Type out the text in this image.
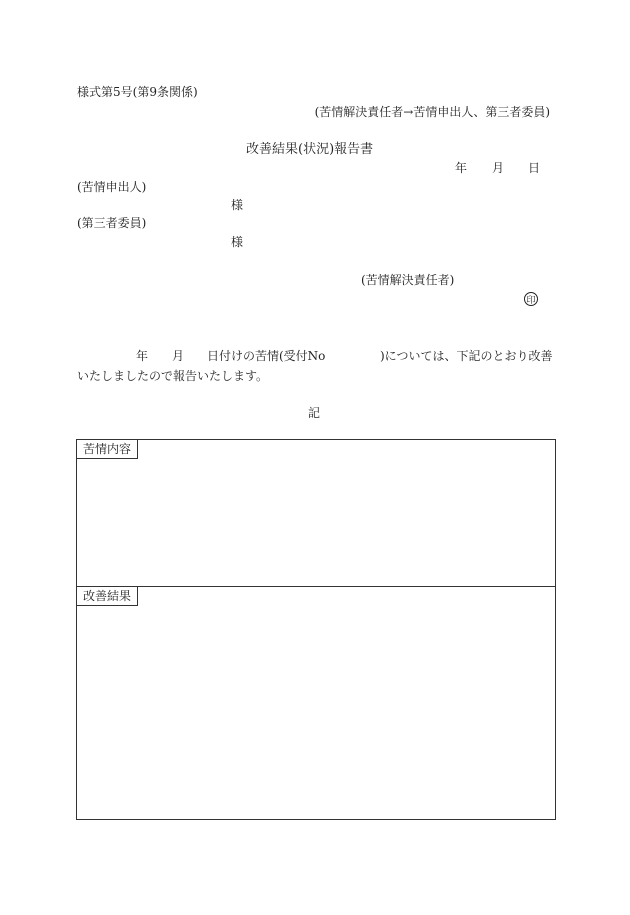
様式第5号(第9条関係)
(苦情解決責任者→苦情申出人、第三者委員)
改善結果(状況)報告書
年 月 日
(苦情申出人)
様
(第三者委員)
様
(苦情解決責任者)
印
年 月 日付けの苦情(受付No	)については、下記のとおり改善
いたしましたので報告いたします。
記
苦情内容
改善結果
